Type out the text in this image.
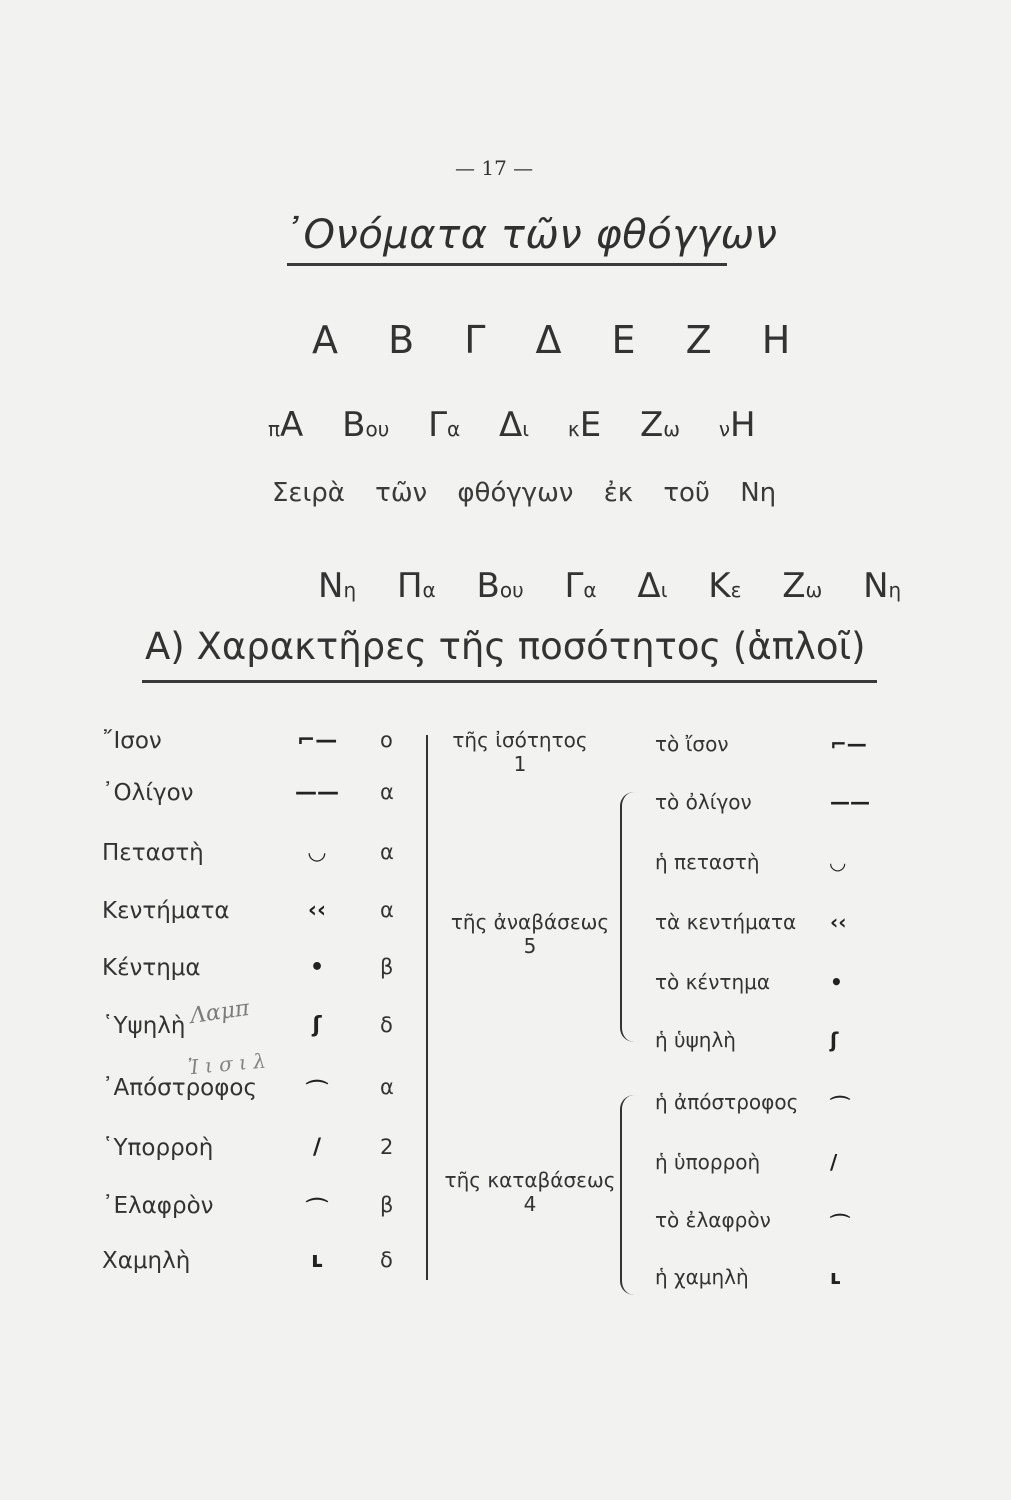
— 17 —
᾿Ονόματα τῶν φθόγγων
Α Β Γ Δ Ε Ζ Η
πΑ Βου Γα Δι κΕ Ζω νΗ
Σειρὰ τῶν φθόγγων ἐκ τοῦ Νη
Νη Πα Βου Γα Δι Κε Ζω Νη
Α) Χαρακτῆρες τῆς ποσότητος (ἁπλοῖ)
῎Ισον	⌐—	ο
᾿Ολίγον	——	α
Πεταστὴ	◡	α
Κεντήματα	‹‹	α
Κέντημα	•	β
῾Υψηλὴ	ʃ	δ
᾿Απόστροφος	⌒	α
῾Υπορροὴ	/	2
᾿Ελαφρὸν	⌒	β
Χαμηλὴ	ʟ	δ
Λαμπ
Ἰ ι σ ι λ
τῆς ἰσότητος
1
τῆς ἀναβάσεως
5
τῆς καταβάσεως
4
τὸ ἴσον	⌐—
τὸ ὀλίγον	——
ἡ πεταστὴ	◡
τὰ κεντήματα ‹‹
τὸ κέντημα	•
ἡ ὑψηλὴ	ʃ
ἡ ἀπόστροφος ⌒
ἡ ὑπορροὴ	/
τὸ ἐλαφρὸν	⌒
ἡ χαμηλὴ	ʟ
